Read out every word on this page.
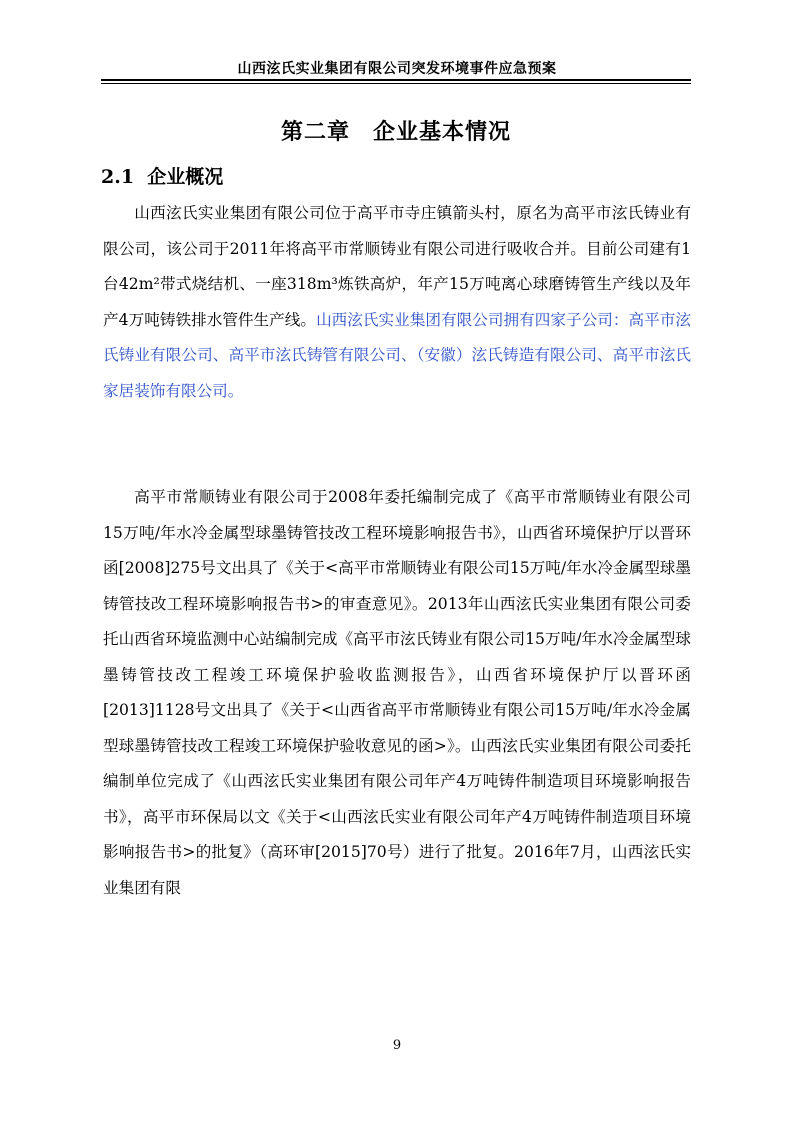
山西泫氏实业集团有限公司突发环境事件应急预案
第二章　企业基本情况
2.1  企业概况

山西泫氏实业集团有限公司位于高平市寺庄镇箭头村，原名为高平市泫氏铸业有限公司，该公司于2011年将高平市常顺铸业有限公司进行吸收合并。目前公司建有1台42m²带式烧结机、一座318m³炼铁高炉，年产15万吨离心球磨铸管生产线以及年产4万吨铸铁排水管件生产线。山西泫氏实业集团有限公司拥有四家子公司：高平市泫氏铸业有限公司、高平市泫氏铸管有限公司、（安徽）泫氏铸造有限公司、高平市泫氏家居装饰有限公司。

高平市常顺铸业有限公司于2008年委托编制完成了《高平市常顺铸业有限公司15万吨/年水冷金属型球墨铸管技改工程环境影响报告书》，山西省环境保护厅以晋环函[2008]275号文出具了《关于<高平市常顺铸业有限公司15万吨/年水冷金属型球墨铸管技改工程环境影响报告书>的审查意见》。2013年山西泫氏实业集团有限公司委托山西省环境监测中心站编制完成《高平市泫氏铸业有限公司15万吨/年水冷金属型球墨铸管技改工程竣工环境保护验收监测报告》，山西省环境保护厅以晋环函[2013]1128号文出具了《关于<山西省高平市常顺铸业有限公司15万吨/年水冷金属型球墨铸管技改工程竣工环境保护验收意见的函>》。山西泫氏实业集团有限公司委托编制单位完成了《山西泫氏实业集团有限公司年产4万吨铸件制造项目环境影响报告书》，高平市环保局以文《关于<山西泫氏实业有限公司年产4万吨铸件制造项目环境影响报告书>的批复》（高环审[2015]70号）进行了批复。2016年7月，山西泫氏实业集团有限

9
